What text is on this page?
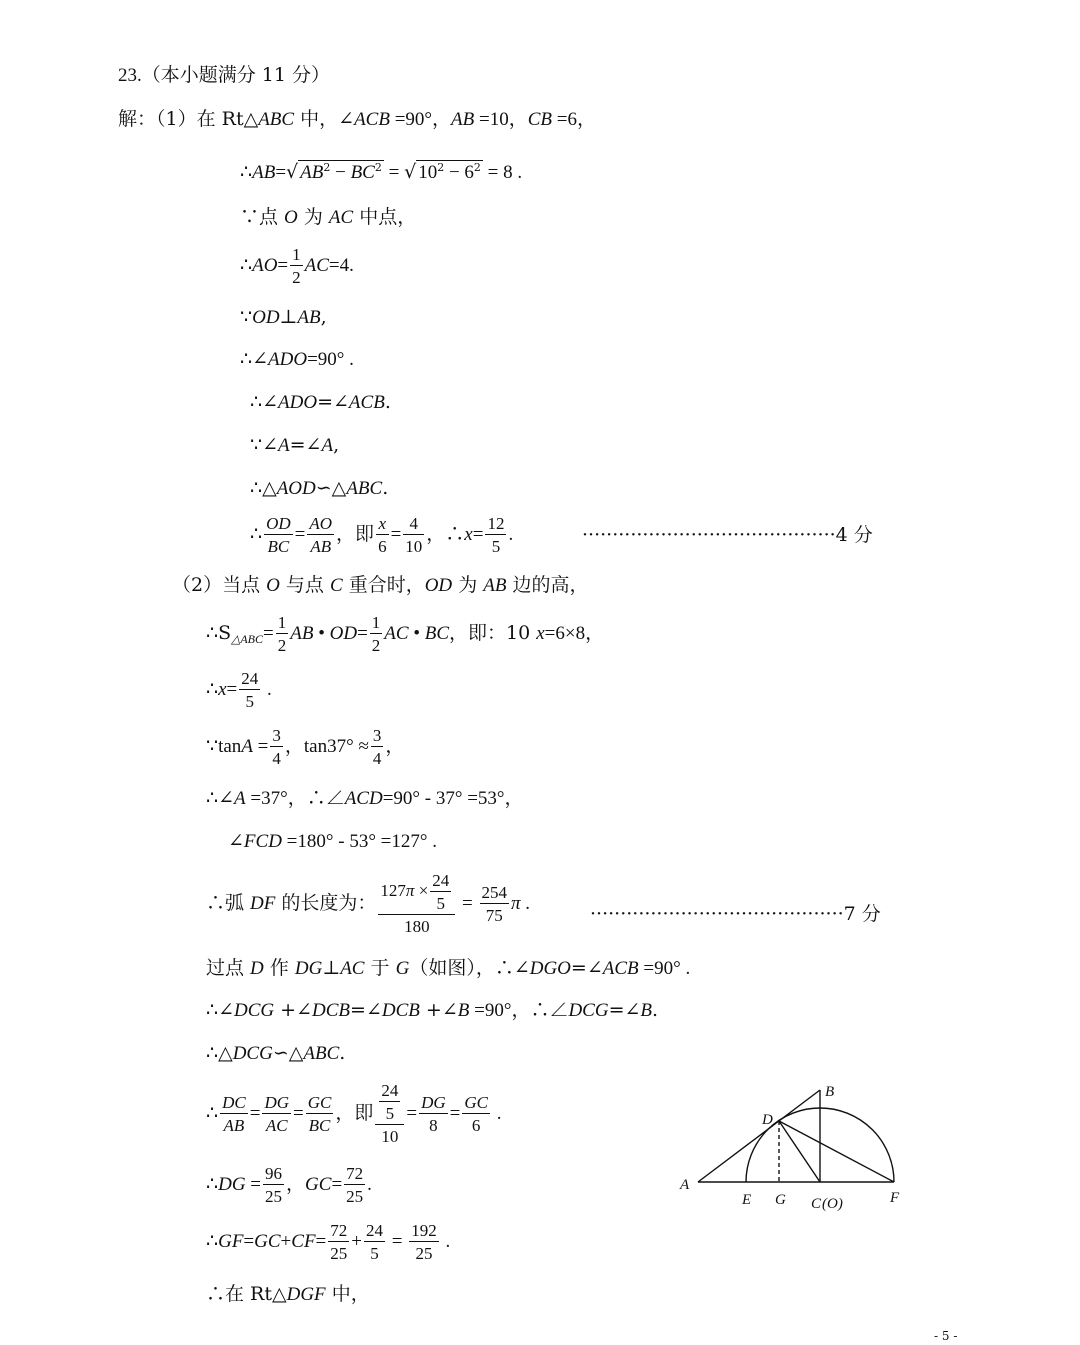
23.（本小题满分 11 分）
解：（1）在 Rt△ABC 中，∠ACB =90°，AB =10，CB =6，
∴AB=√ $AB^2 - BC^2$ = √ $10^2 - 6^2 = 8$ .
∵点 O 为 AC 中点，
∴AO= $\frac{1}{2} AC=4$.
∵OD⊥AB,
∴∠ADO=90° .
∴∠ADO=∠ACB.
∵∠A=∠A,
∴△AOD∽△ABC.
∴ $\frac{OD}{BC} = \frac{AO}{AB}$ ，即 $\frac{x}{6} = \frac{4}{10}$ ，∴x= $\frac{12}{5}$ .	··········································4 分
（2）当点 O 与点 C 重合时，OD 为 AB 边的高，
$\therefore S_{\triangle ABC}= \frac{1}{2}$ AB • $OD= \frac{1}{2}$ AC • BC，即：10 x=6×8，
∴x= $\frac{24}{5}$ .
∵tanA = $\frac{3}{4}$ ，$\tan 37^\circ \approx \frac{3}{4}$ ，
∴∠A =37°，∴∠ACD=90° - 37° =53°，
∠FCD =180° - 53° =127° .
∴弧 DF 的长度为： $\frac{127\pi \times \frac{24}{5}}{180} = \frac{254}{75}$ π .	··········································7 分
过点 D 作 DG⊥AC 于 G（如图），∴∠DGO=∠ACB =90° .
∴∠DCG +∠DCB=∠DCB +∠B =90°，∴∠DCG=∠B.
∴△DCG∽△ABC.
∴ $\frac{DC}{AB} = \frac{DG}{AC} = \frac{GC}{BC}$ ，即 $\frac{\frac{24}{5}}{10} = \frac{DG}{8} = \frac{GC}{6}$ .
∴DG = $\frac{96}{25}$ ，$GC= \frac{72}{25}$ .
∴GF=GC+CF= $\frac{72}{25} + \frac{24}{5} = \frac{192}{25}$ .
∴在 Rt△DGF 中，
A
B
D
E G C (O)	F
- 5 -
